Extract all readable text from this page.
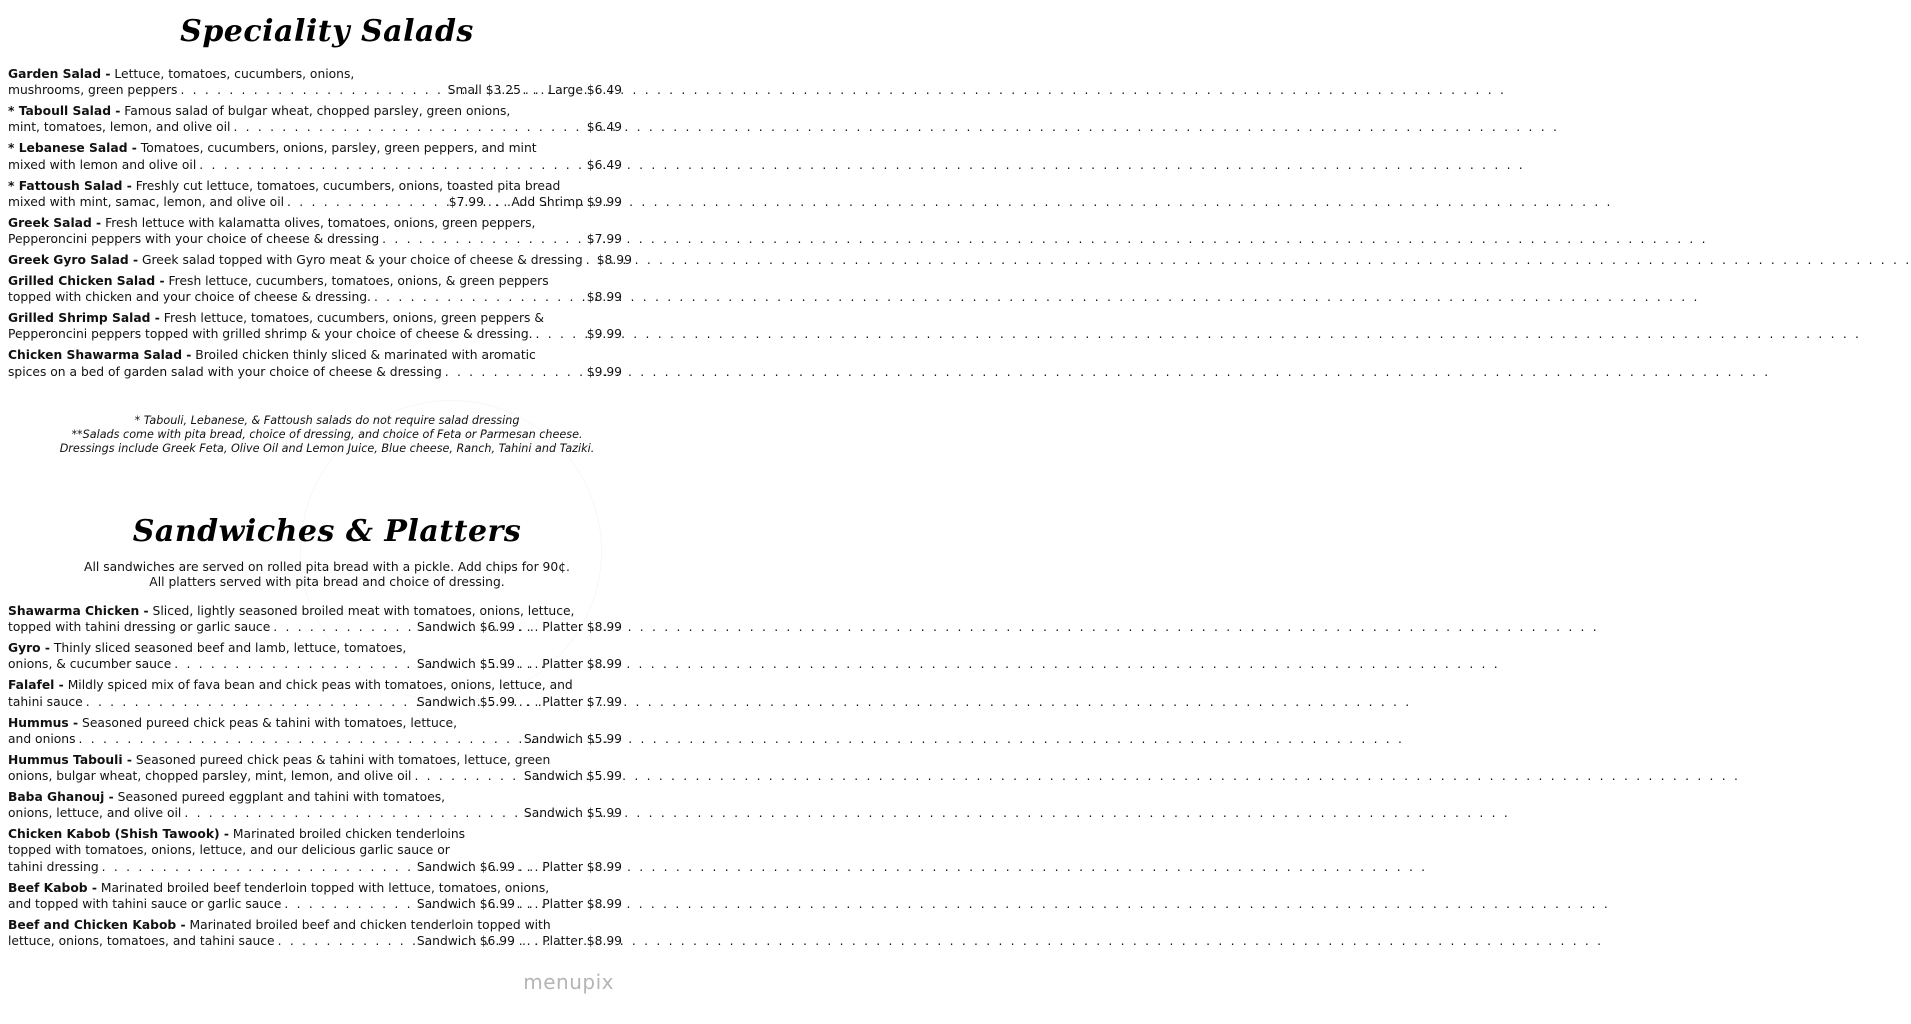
Speciality Salads
Garden Salad - Lettuce, tomatoes, cucumbers, onions,
mushrooms, green peppers . . .	Small $3.25 . . . Large $6.49
* Taboull Salad - Famous salad of bulgar wheat, chopped parsley, green onions,
mint, tomatoes, lemon, and olive oil . . .	$6.49
* Lebanese Salad - Tomatoes, cucumbers, onions, parsley, green peppers, and mint
mixed with lemon and olive oil . . .	$6.49
* Fattoush Salad - Freshly cut lettuce, tomatoes, cucumbers, onions, toasted pita bread
mixed with mint, samac, lemon, and olive oil . . .	$7.99 . . . Add Shrimp $9.99
Greek Salad - Fresh lettuce with kalamatta olives, tomatoes, onions, green peppers,
Pepperoncini peppers with your choice of cheese & dressing . . .	$7.99
Greek Gyro Salad - Greek salad topped with Gyro meat & your choice of cheese & dressing . . . $8.99
Grilled Chicken Salad - Fresh lettuce, cucumbers, tomatoes, onions, & green peppers
topped with chicken and your choice of cheese & dressing. . . .	$8.99
Grilled Shrimp Salad - Fresh lettuce, tomatoes, cucumbers, onions, green peppers &
Pepperoncini peppers topped with grilled shrimp & your choice of cheese & dressing. . . .	$9.99
Chicken Shawarma Salad - Broiled chicken thinly sliced & marinated with aromatic
spices on a bed of garden salad with your choice of cheese & dressing . . .	$9.99
* Tabouli, Lebanese, & Fattoush salads do not require salad dressing
**Salads come with pita bread, choice of dressing, and choice of Feta or Parmesan cheese.
Dressings include Greek Feta, Olive Oil and Lemon Juice, Blue cheese, Ranch, Tahini and Taziki.
Sandwiches & Platters
All sandwiches are served on rolled pita bread with a pickle. Add chips for 90¢.
All platters served with pita bread and choice of dressing.
Shawarma Chicken - Sliced, lightly seasoned broiled meat with tomatoes, onions, lettuce,
topped with tahini dressing or garlic sauce . . .	Sandwich $6.99 . . . Platter $8.99
Gyro - Thinly sliced seasoned beef and lamb, lettuce, tomatoes,
onions, & cucumber sauce . . .	Sandwich $5.99 . . . Platter $8.99
Falafel - Mildly spiced mix of fava bean and chick peas with tomatoes, onions, lettuce, and
tahini sauce . . .	Sandwich $5.99 . . . Platter $7.99
Hummus - Seasoned pureed chick peas & tahini with tomatoes, lettuce,
and onions . . .	Sandwich $5.99
Hummus Tabouli - Seasoned pureed chick peas & tahini with tomatoes, lettuce, green
onions, bulgar wheat, chopped parsley, mint, lemon, and olive oil . . .	Sandwich $5.99
Baba Ghanouj - Seasoned pureed eggplant and tahini with tomatoes,
onions, lettuce, and olive oil . . .	Sandwich $5.99
Chicken Kabob (Shish Tawook) - Marinated broiled chicken tenderloins
topped with tomatoes, onions, lettuce, and our delicious garlic sauce or
tahini dressing . . .	Sandwich $6.99 . . . Platter $8.99
Beef Kabob - Marinated broiled beef tenderloin topped with lettuce, tomatoes, onions,
and topped with tahini sauce or garlic sauce . . .	Sandwich $6.99 . . . Platter $8.99
Beef and Chicken Kabob - Marinated broiled beef and chicken tenderloin topped with
lettuce, onions, tomatoes, and tahini sauce . . .	Sandwich $6.99 . . . Platter $8.99
menupix
